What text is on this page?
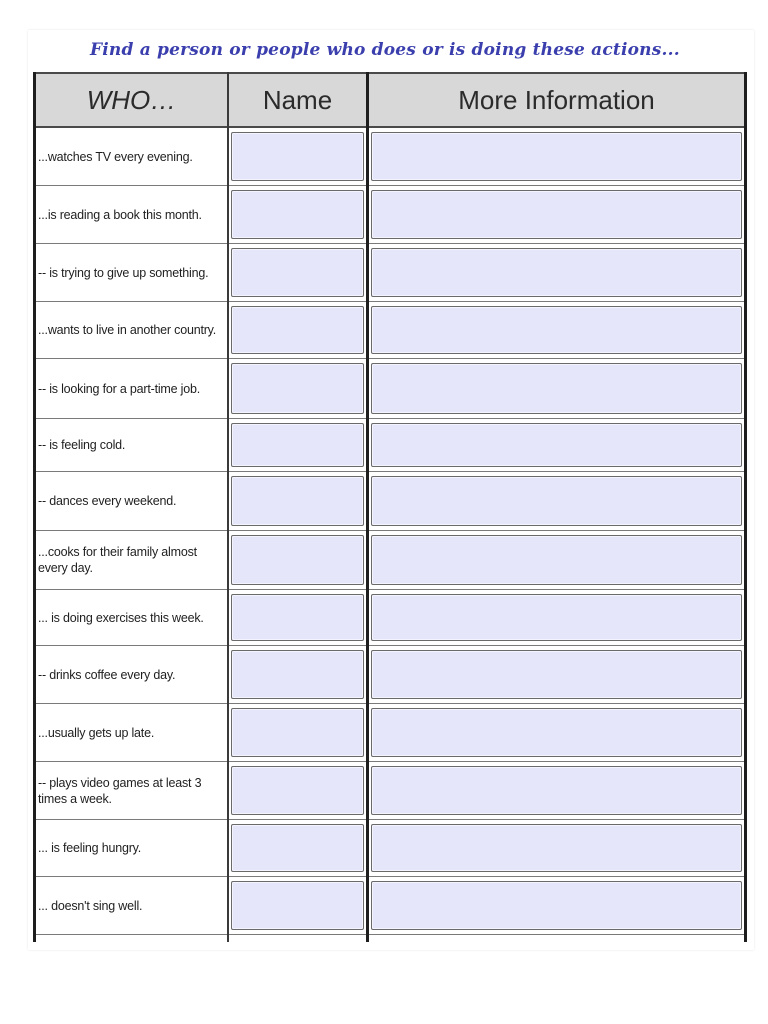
Find a person or people who does or is doing these actions...
WHO…	Name	More Information
...watches TV every evening.
...is reading a book this month.
-- is trying to give up something.
...wants to live in another country.
-- is looking for a part-time job.
-- is feeling cold.
-- dances every weekend.
...cooks for their family almost every day.
... is doing exercises this week.
-- drinks coffee every day.
...usually gets up late.
-- plays video games at least 3 times a week.
... is feeling hungry.
... doesn't sing well.
